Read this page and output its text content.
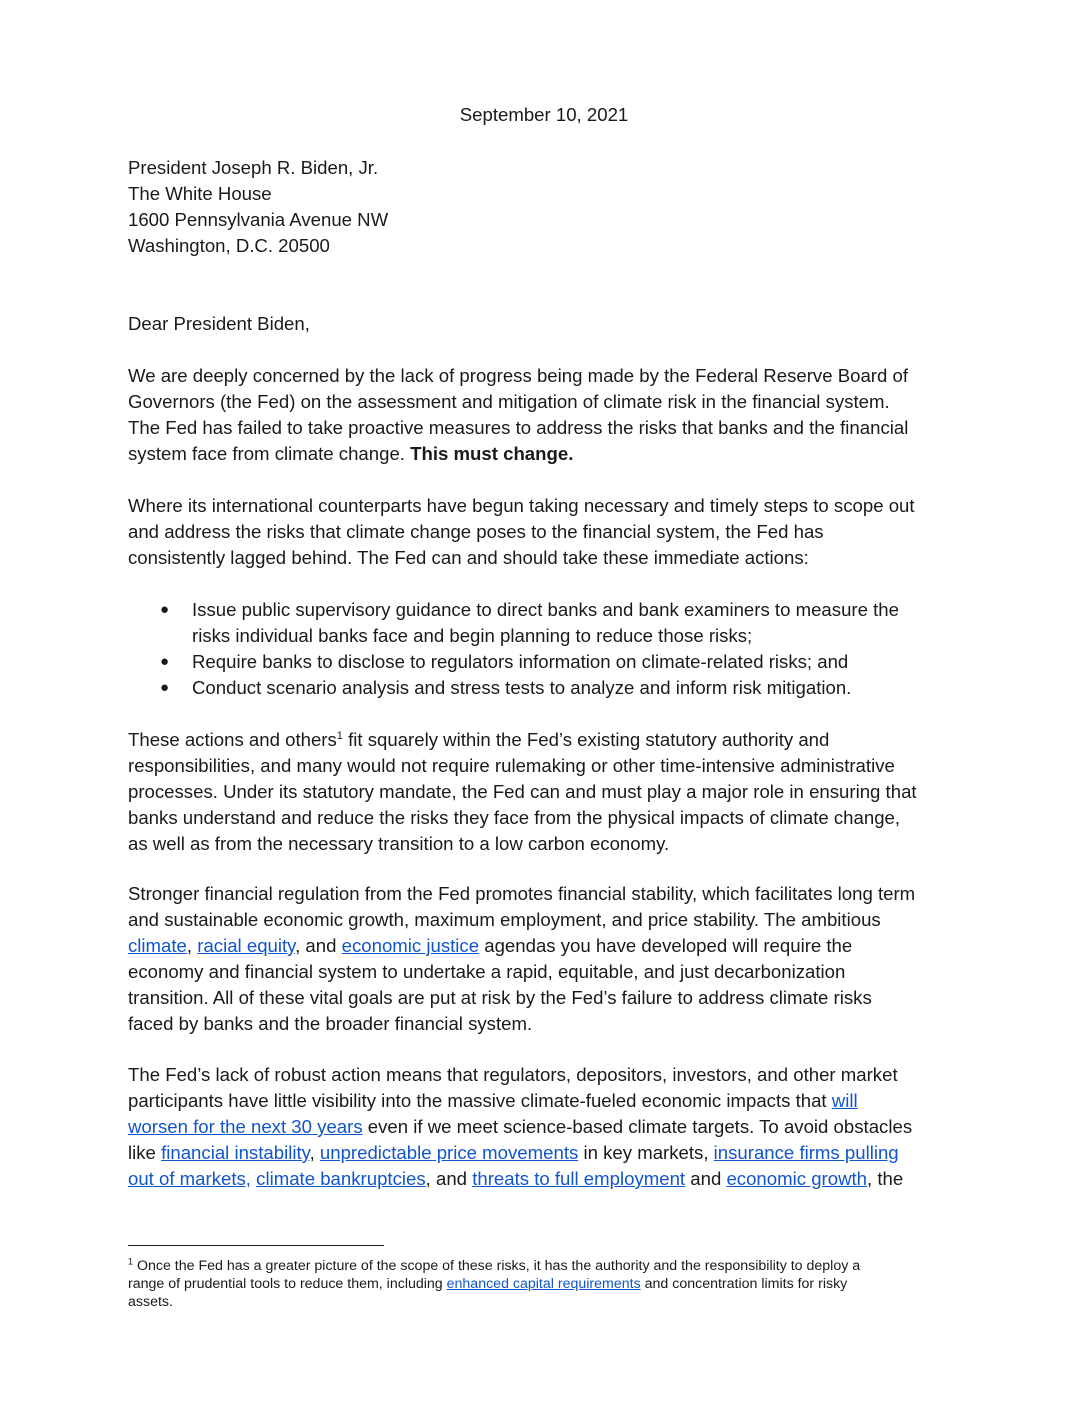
September 10, 2021
President Joseph R. Biden, Jr.
The White House
1600 Pennsylvania Avenue NW
Washington, D.C. 20500
Dear President Biden,
We are deeply concerned by the lack of progress being made by the Federal Reserve Board of
Governors (the Fed) on the assessment and mitigation of climate risk in the financial system.
The Fed has failed to take proactive measures to address the risks that banks and the financial
system face from climate change. This must change.
Where its international counterparts have begun taking necessary and timely steps to scope out
and address the risks that climate change poses to the financial system, the Fed has
consistently lagged behind. The Fed can and should take these immediate actions:
● Issue public supervisory guidance to direct banks and bank examiners to measure the
risks individual banks face and begin planning to reduce those risks;
● Require banks to disclose to regulators information on climate-related risks; and
● Conduct scenario analysis and stress tests to analyze and inform risk mitigation.
These actions and others$^1$ fit squarely within the Fed’s existing statutory authority and
responsibilities, and many would not require rulemaking or other time-intensive administrative
processes. Under its statutory mandate, the Fed can and must play a major role in ensuring that
banks understand and reduce the risks they face from the physical impacts of climate change,
as well as from the necessary transition to a low carbon economy.
Stronger financial regulation from the Fed promotes financial stability, which facilitates long term
and sustainable economic growth, maximum employment, and price stability. The ambitious
climate, racial equity, and economic justice agendas you have developed will require the
economy and financial system to undertake a rapid, equitable, and just decarbonization
transition. All of these vital goals are put at risk by the Fed’s failure to address climate risks
faced by banks and the broader financial system.
The Fed’s lack of robust action means that regulators, depositors, investors, and other market
participants have little visibility into the massive climate-fueled economic impacts that will
worsen for the next 30 years even if we meet science-based climate targets. To avoid obstacles
like financial instability, unpredictable price movements in key markets, insurance firms pulling
out of markets, climate bankruptcies, and threats to full employment and economic growth, the
$^1$ Once the Fed has a greater picture of the scope of these risks, it has the authority and the responsibility to deploy a
range of prudential tools to reduce them, including enhanced capital requirements and concentration limits for risky
assets.
